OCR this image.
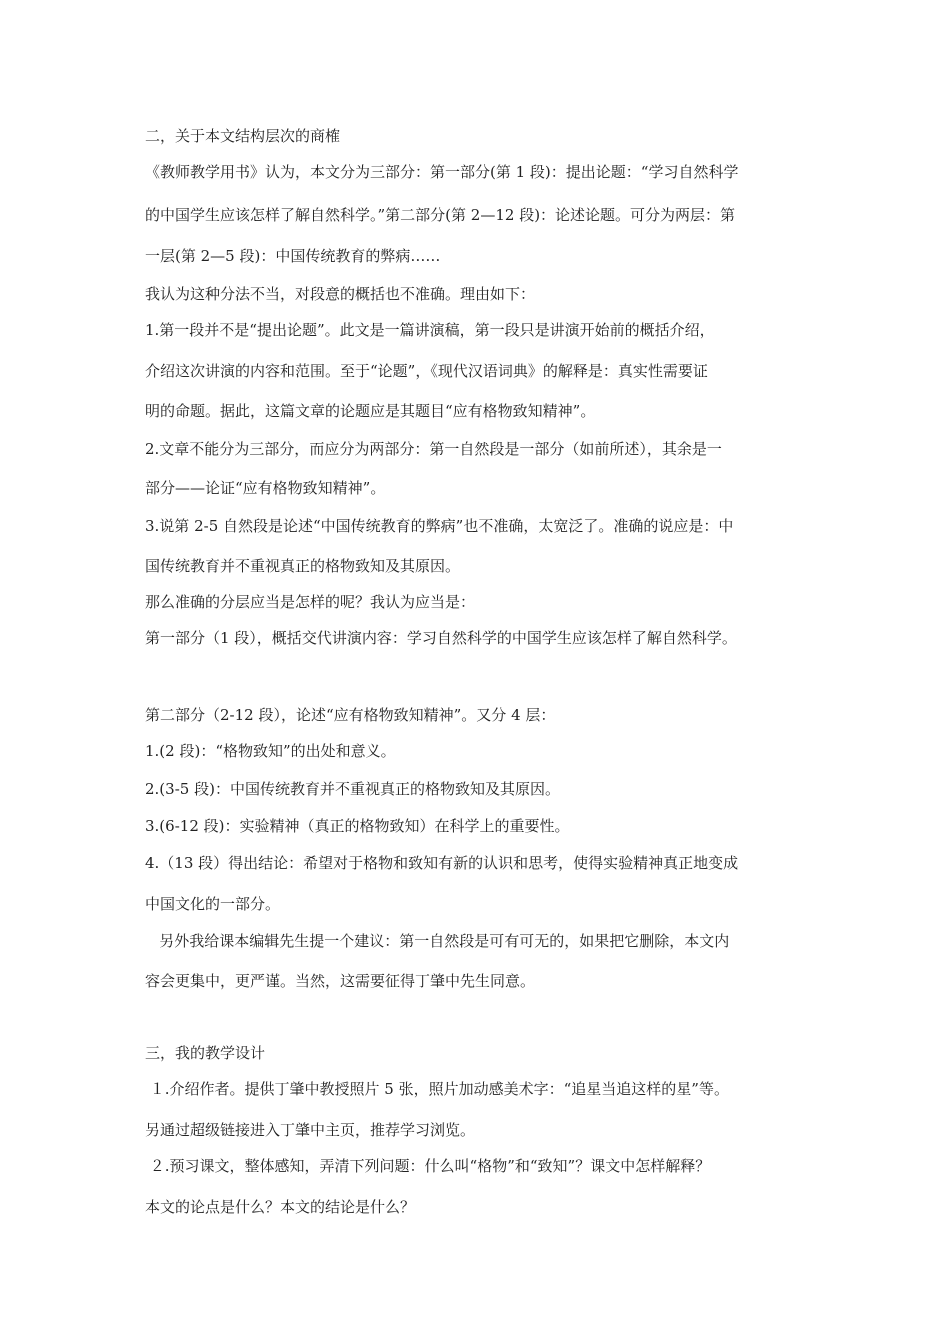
二，关于本文结构层次的商榷
《教师教学用书》认为，本文分为三部分：第一部分(第 1 段)：提出论题：“学习自然科学
的中国学生应该怎样了解自然科学。”第二部分(第 2—12 段)：论述论题。可分为两层：第
一层(第 2—5 段)：中国传统教育的弊病……
我认为这种分法不当，对段意的概括也不准确。理由如下：
1.第一段并不是“提出论题”。此文是一篇讲演稿，第一段只是讲演开始前的概括介绍，
介绍这次讲演的内容和范围。至于“论题”，《现代汉语词典》的解释是：真实性需要证
明的命题。据此，这篇文章的论题应是其题目“应有格物致知精神”。
2.文章不能分为三部分，而应分为两部分：第一自然段是一部分（如前所述），其余是一
部分——论证“应有格物致知精神”。
3.说第 2-5 自然段是论述“中国传统教育的弊病”也不准确，太宽泛了。准确的说应是：中
国传统教育并不重视真正的格物致知及其原因。
那么准确的分层应当是怎样的呢？我认为应当是：
第一部分（1 段），概括交代讲演内容：学习自然科学的中国学生应该怎样了解自然科学。
第二部分（2-12 段），论述“应有格物致知精神”。又分 4 层：
1.(2 段)：“格物致知”的出处和意义。
2.(3-5 段)：中国传统教育并不重视真正的格物致知及其原因。
3.(6-12 段)：实验精神（真正的格物致知）在科学上的重要性。
4.（13 段）得出结论：希望对于格物和致知有新的认识和思考，使得实验精神真正地变成
中国文化的一部分。
另外我给课本编辑先生提一个建议：第一自然段是可有可无的，如果把它删除，本文内
容会更集中，更严谨。当然，这需要征得丁肇中先生同意。
三，我的教学设计
１.介绍作者。提供丁肇中教授照片 5 张，照片加动感美术字：“追星当追这样的星”等。
另通过超级链接进入丁肇中主页，推荐学习浏览。
２.预习课文，整体感知，弄清下列问题：什么叫“格物”和“致知”？课文中怎样解释？
本文的论点是什么？本文的结论是什么？
